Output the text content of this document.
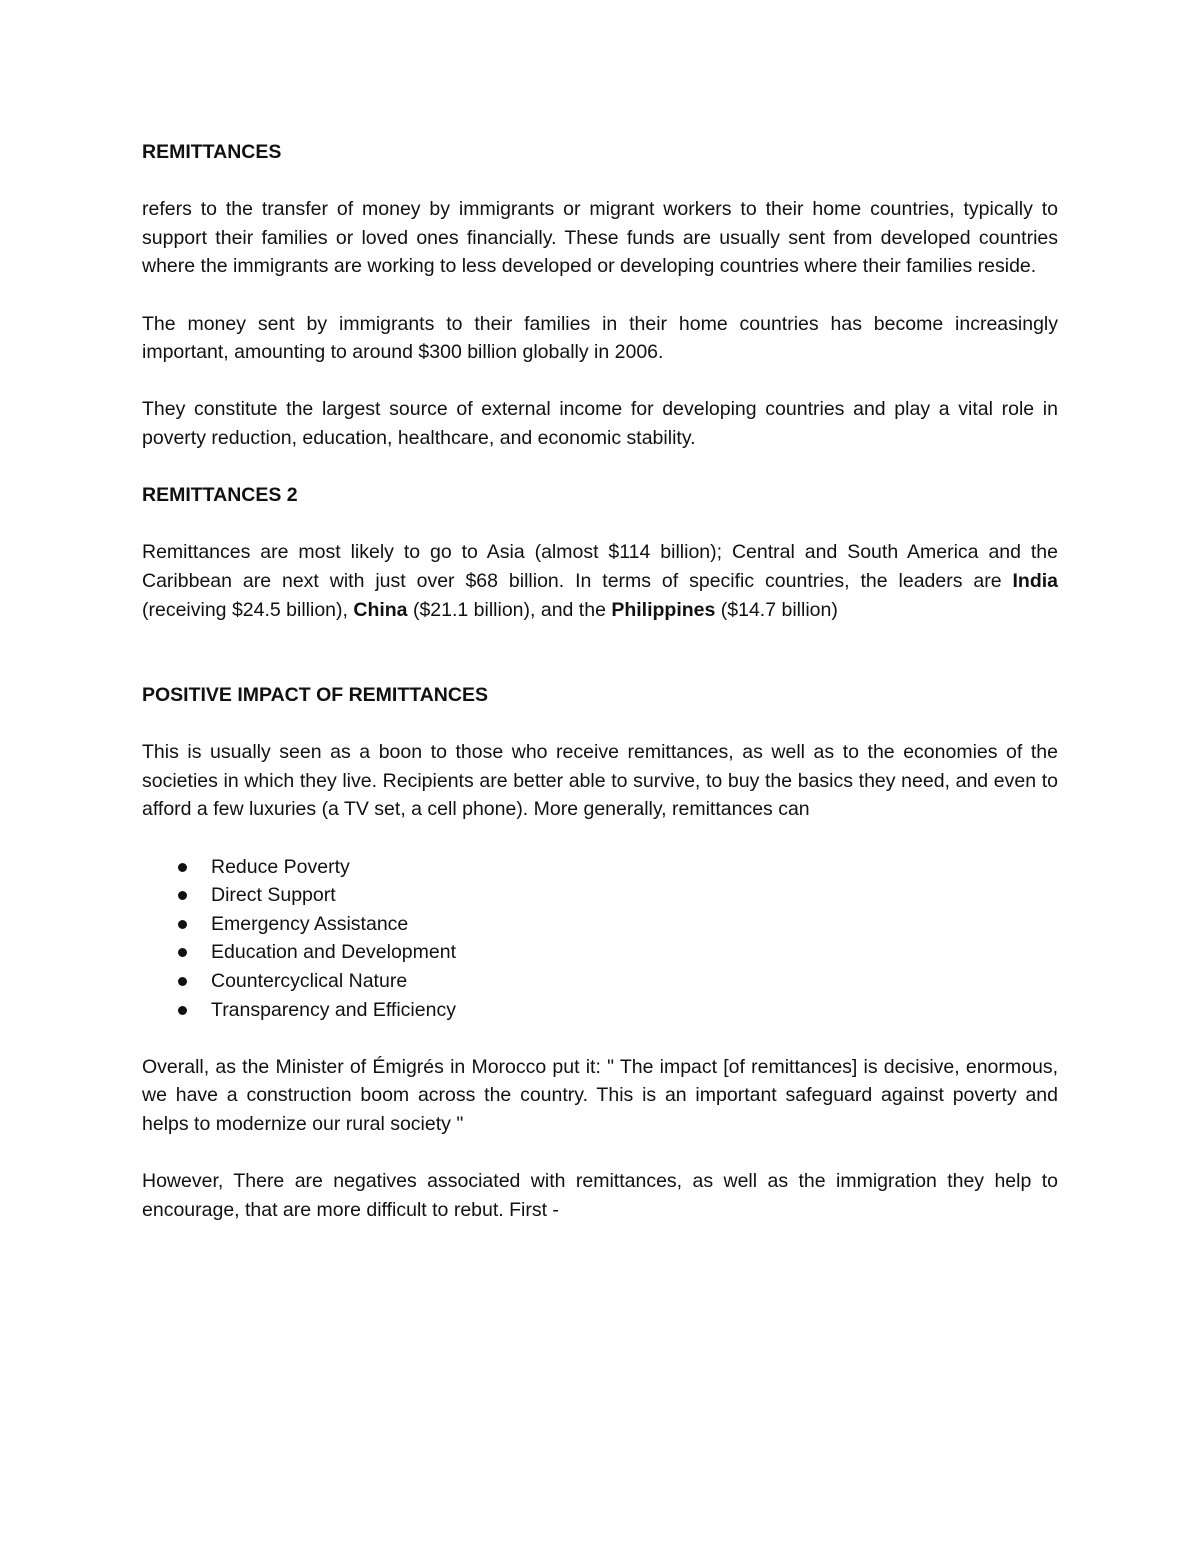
REMITTANCES

refers to the transfer of money by immigrants or migrant workers to their home countries, typically to support their families or loved ones financially. These funds are usually sent from developed countries where the immigrants are working to less developed or developing countries where their families reside.

The money sent by immigrants to their families in their home countries has become increasingly important, amounting to around $300 billion globally in 2006.

They constitute the largest source of external income for developing countries and play a vital role in poverty reduction, education, healthcare, and economic stability.

REMITTANCES 2

Remittances are most likely to go to Asia (almost $114 billion); Central and South America and the Caribbean are next with just over $68 billion. In terms of specific countries, the leaders are India (receiving $24.5 billion), China ($21.1 billion), and the Philippines ($14.7 billion)

POSITIVE IMPACT OF REMITTANCES

This is usually seen as a boon to those who receive remittances, as well as to the economies of the societies in which they live. Recipients are better able to survive, to buy the basics they need, and even to afford a few luxuries (a TV set, a cell phone). More generally, remittances can

Reduce Poverty
Direct Support
Emergency Assistance
Education and Development
Countercyclical Nature
Transparency and Efficiency

Overall, as the Minister of Émigrés in Morocco put it: " The impact [of remittances] is decisive, enormous, we have a construction boom across the country. This is an important safeguard against poverty and helps to modernize our rural society "

However, There are negatives associated with remittances, as well as the immigration they help to encourage, that are more difficult to rebut. First -
